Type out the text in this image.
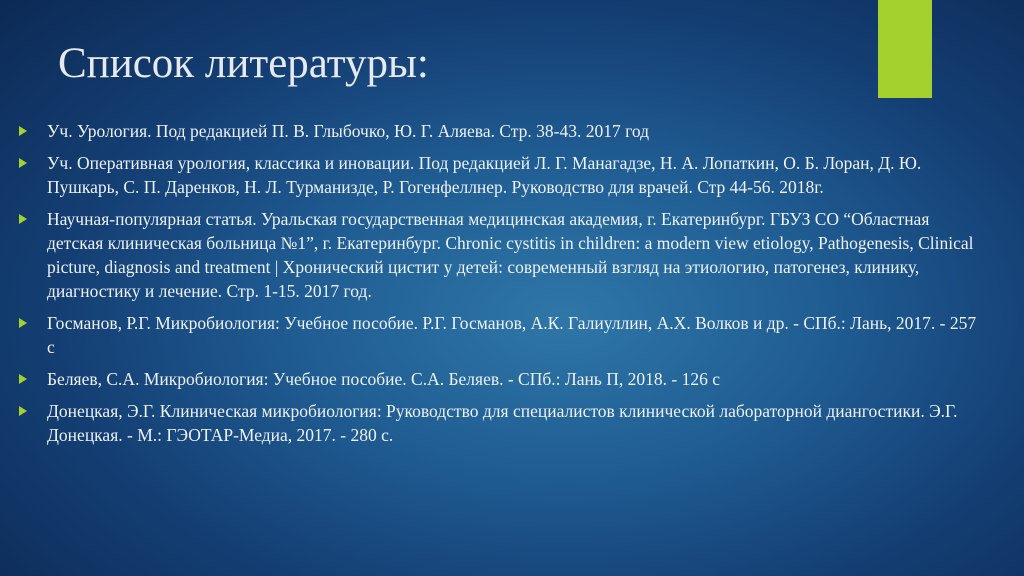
Список литературы:
Уч. Урология. Под редакцией П. В. Глыбочко, Ю. Г. Аляева. Стр. 38-43. 2017 год
Уч. Оперативная урология, классика и иновации. Под редакцией Л. Г. Манагадзе, Н. А. Лопаткин, О. Б. Лоран, Д. Ю. Пушкарь, С. П. Даренков, Н. Л. Турманизде, Р. Гогенфеллнер. Руководство для врачей. Стр 44-56. 2018г.
Научная-популярная статья. Уральская государственная медицинская академия, г. Екатеринбург. ГБУЗ СО “Областная детская клиническая больница №1”, г. Екатеринбург. Chronic cystitis in children: a modern view etiology, Pathogenesis, Clinical picture, diagnosis and treatment | Хронический цистит у детей: современный взгляд на этиологию, патогенез, клинику, диагностику и лечение. Стр. 1-15. 2017 год.
Госманов, Р.Г. Микробиология: Учебное пособие. Р.Г. Госманов, А.К. Галиуллин, А.Х. Волков и др. - СПб.: Лань, 2017. - 257 с
Беляев, С.А. Микробиология: Учебное пособие. С.А. Беляев. - СПб.: Лань П, 2018. - 126 с
Донецкая, Э.Г. Клиническая микробиология: Руководство для специалистов клинической лабораторной диангостики. Э.Г. Донецкая. - М.: ГЭОТАР-Медиа, 2017. - 280 с.
